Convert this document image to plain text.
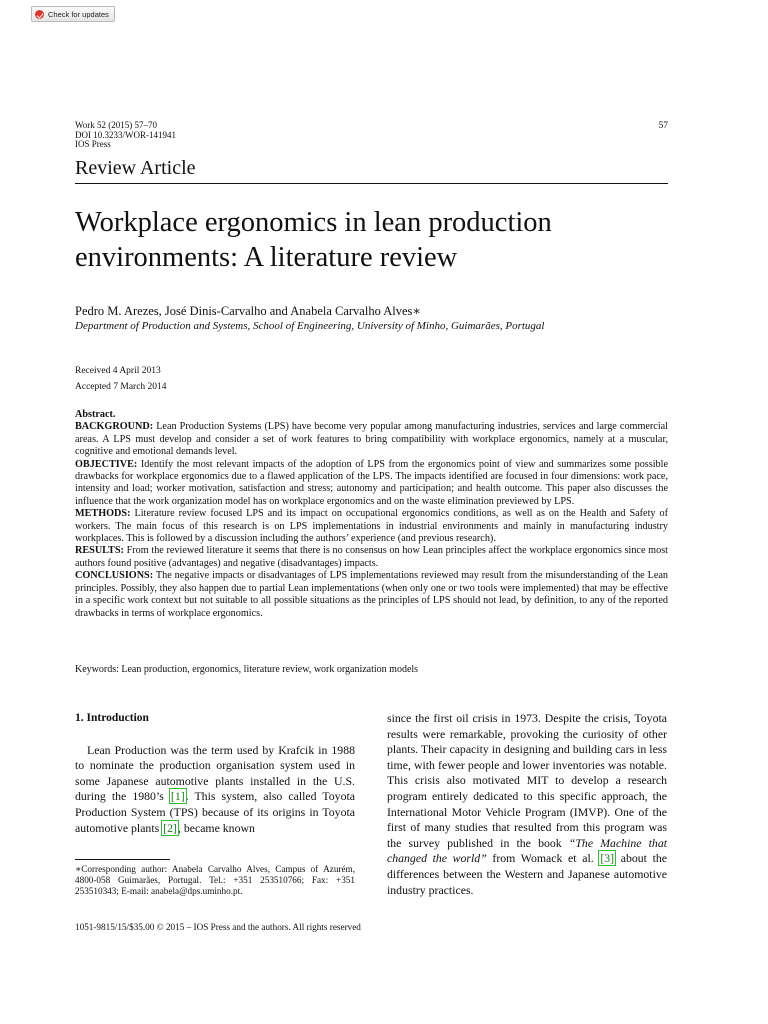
Check for updates
Work 52 (2015) 57–70
DOI 10.3233/WOR-141941
IOS Press
57
Review Article
Workplace ergonomics in lean production
environments: A literature review
Pedro M. Arezes, José Dinis-Carvalho and Anabela Carvalho Alves∗
Department of Production and Systems, School of Engineering, University of Minho, Guimarães, Portugal
Received 4 April 2013
Accepted 7 March 2014

Abstract.

BACKGROUND: Lean Production Systems (LPS) have become very popular among manufacturing industries, services and large commercial areas. A LPS must develop and consider a set of work features to bring compatibility with workplace ergonomics, namely at a muscular, cognitive and emotional demands level.

OBJECTIVE: Identify the most relevant impacts of the adoption of LPS from the ergonomics point of view and summarizes some possible drawbacks for workplace ergonomics due to a flawed application of the LPS. The impacts identified are focused in four dimensions: work pace, intensity and load; worker motivation, satisfaction and stress; autonomy and participation; and health outcome. This paper also discusses the influence that the work organization model has on workplace ergonomics and on the waste elimination previewed by LPS.

METHODS: Literature review focused LPS and its impact on occupational ergonomics conditions, as well as on the Health and Safety of workers. The main focus of this research is on LPS implementations in industrial environments and mainly in manufacturing industry workplaces. This is followed by a discussion including the authors’ experience (and previous research).

RESULTS: From the reviewed literature it seems that there is no consensus on how Lean principles affect the workplace ergonomics since most authors found positive (advantages) and negative (disadvantages) impacts.

CONCLUSIONS: The negative impacts or disadvantages of LPS implementations reviewed may result from the misunderstanding of the Lean principles. Possibly, they also happen due to partial Lean implementations (when only one or two tools were implemented) that may be effective in a specific work context but not suitable to all possible situations as the principles of LPS should not lead, by definition, to any of the reported drawbacks in terms of workplace ergonomics.

Keywords: Lean production, ergonomics, literature review, work organization models
1. Introduction

Lean Production was the term used by Krafcik in 1988 to nominate the production organisation system used in some Japanese automotive plants installed in the U.S. during the 1980’s [1]. This system, also called Toyota Production System (TPS) because of its origins in Toyota automotive plants [2], became known

since the first oil crisis in 1973. Despite the crisis, Toyota results were remarkable, provoking the curiosity of other plants. Their capacity in designing and building cars in less time, with fewer people and lower inventories was notable. This crisis also motivated MIT to develop a research program entirely dedicated to this specific approach, the International Motor Vehicle Program (IMVP). One of the first of many studies that resulted from this program was the survey published in the book “The Machine that changed the world” from Womack et al. [3] about the differences between the Western and Japanese automotive industry practices.

∗Corresponding author: Anabela Carvalho Alves, Campus of Azurém, 4800-058 Guimarães, Portugal. Tel.: +351 253510766; Fax: +351 253510343; E-mail: anabela@dps.uminho.pt.
1051-9815/15/$35.00 © 2015 – IOS Press and the authors. All rights reserved
